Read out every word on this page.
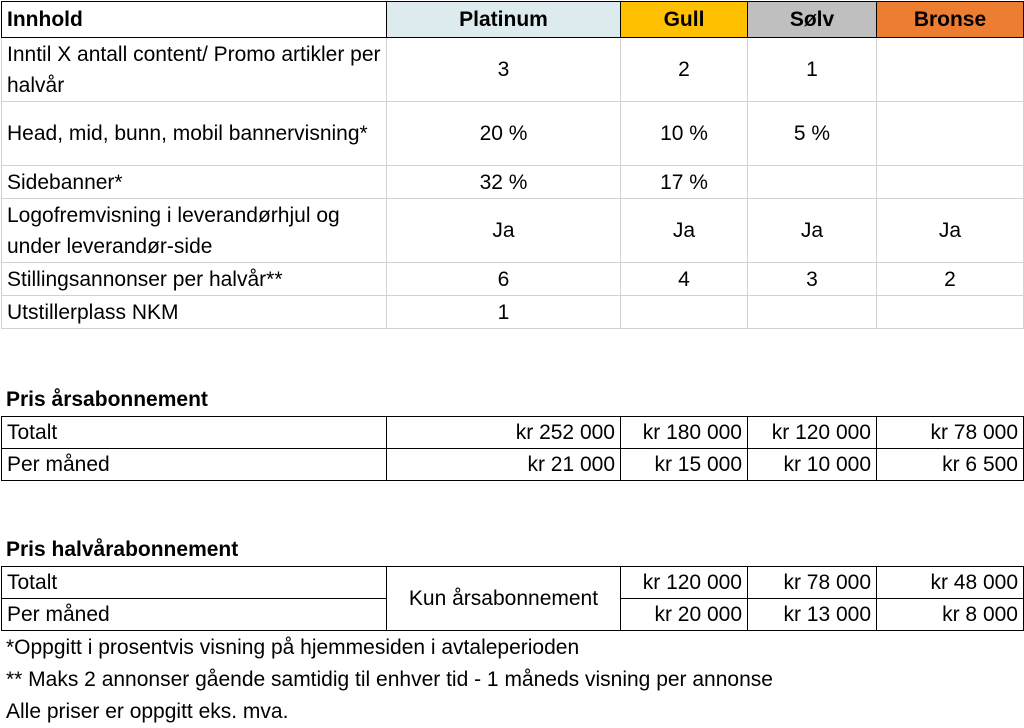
Innhold	Platinum	Gull	Sølv	Bronse
Inntil X antall content/ Promo artikler per halvår	3	2	1	
Head, mid, bunn, mobil bannervisning*	20 %	10 %	5 %	
Sidebanner*	32 %	17 %		
Logofremvisning i leverandørhjul og under leverandør-side	Ja	Ja	Ja	Ja
Stillingsannonser per halvår**	6	4	3	2
Utstillerplass NKM	1			

Pris årsabonnement

Totalt	kr 252 000	kr 180 000	kr 120 000	kr 78 000
Per måned	kr 21 000	kr 15 000	kr 10 000	kr 6 500

Pris halvårabonnement

Totalt	Kun årsabonnement	kr 120 000	kr 78 000	kr 48 000
Per måned		kr 20 000	kr 13 000	kr 8 000
*Oppgitt i prosentvis visning på hjemmesiden i avtaleperioden
** Maks 2 annonser gående samtidig til enhver tid - 1 måneds visning per annonse
Alle priser er oppgitt eks. mva.
